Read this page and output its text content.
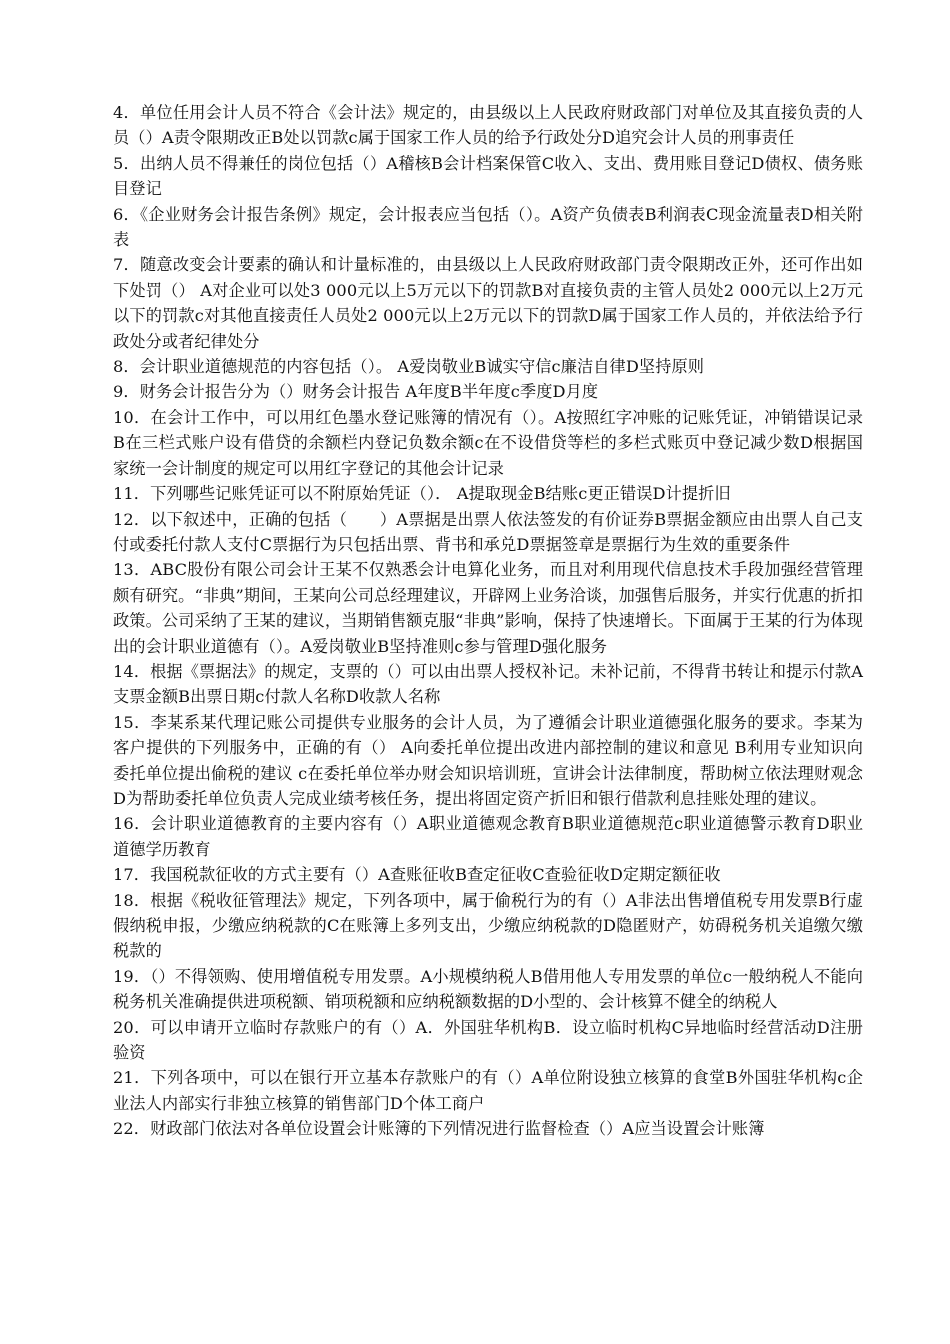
4．单位任用会计人员不符合《会计法》规定的，由县级以上人民政府财政部门对单位及其直接负责的人员（）A责令限期改正B处以罚款c属于国家工作人员的给予行政处分D追究会计人员的刑事责任

5．出纳人员不得兼任的岗位包括（）A稽核B会计档案保管C收入、支出、费用账目登记D债权、债务账目登记

6．《企业财务会计报告条例》规定，会计报表应当包括（）。A资产负债表B利润表C现金流量表D相关附表

7．随意改变会计要素的确认和计量标准的，由县级以上人民政府财政部门责令限期改正外，还可作出如下处罚（） A对企业可以处3 000元以上5万元以下的罚款B对直接负责的主管人员处2 000元以上2万元以下的罚款c对其他直接责任人员处2 000元以上2万元以下的罚款D属于国家工作人员的，并依法给予行政处分或者纪律处分

8．会计职业道德规范的内容包括（）。 A爱岗敬业B诚实守信c廉洁自律D坚持原则

9．财务会计报告分为（）财务会计报告 A年度B半年度c季度D月度

10．在会计工作中，可以用红色墨水登记账簿的情况有（）。A按照红字冲账的记账凭证，冲销错误记录B在三栏式账户设有借贷的余额栏内登记负数余额c在不设借贷等栏的多栏式账页中登记减少数D根据国家统一会计制度的规定可以用红字登记的其他会计记录

11．下列哪些记账凭证可以不附原始凭证（）． A提取现金B结账c更正错误D计提折旧

12．以下叙述中，正确的包括（　　）A票据是出票人依法签发的有价证券B票据金额应由出票人自己支付或委托付款人支付C票据行为只包括出票、背书和承兑D票据签章是票据行为生效的重要条件

13．ABC股份有限公司会计王某不仅熟悉会计电算化业务，而且对利用现代信息技术手段加强经营管理颇有研究。“非典”期间，王某向公司总经理建议，开辟网上业务洽谈，加强售后服务，并实行优惠的折扣政策。公司采纳了王某的建议，当期销售额克服“非典”影响，保持了快速增长。下面属于王某的行为体现出的会计职业道德有（）。A爱岗敬业B坚持准则c参与管理D强化服务

14．根据《票据法》的规定，支票的（）可以由出票人授权补记。未补记前，不得背书转让和提示付款A支票金额B出票日期c付款人名称D收款人名称

15．李某系某代理记账公司提供专业服务的会计人员，为了遵循会计职业道德强化服务的要求。李某为客户提供的下列服务中，正确的有（） A向委托单位提出改进内部控制的建议和意见 B利用专业知识向委托单位提出偷税的建议 c在委托单位举办财会知识培训班，宣讲会计法律制度，帮助树立依法理财观念 D为帮助委托单位负责人完成业绩考核任务，提出将固定资产折旧和银行借款利息挂账处理的建议。

16．会计职业道德教育的主要内容有（）A职业道德观念教育B职业道德规范c职业道德警示教育D职业道德学历教育

17．我国税款征收的方式主要有（）A查账征收B查定征收C查验征收D定期定额征收

18．根据《税收征管理法》规定，下列各项中，属于偷税行为的有（）A非法出售增值税专用发票B行虚假纳税申报，少缴应纳税款的C在账簿上多列支出，少缴应纳税款的D隐匿财产，妨碍税务机关追缴欠缴税款的

19．（）不得领购、使用增值税专用发票。A小规模纳税人B借用他人专用发票的单位c一般纳税人不能向税务机关准确提供进项税额、销项税额和应纳税额数据的D小型的、会计核算不健全的纳税人

20．可以申请开立临时存款账户的有（）A．外国驻华机构B．设立临时机构C异地临时经营活动D注册验资

21．下列各项中，可以在银行开立基本存款账户的有（）A单位附设独立核算的食堂B外国驻华机构c企业法人内部实行非独立核算的销售部门D个体工商户

22．财政部门依法对各单位设置会计账簿的下列情况进行监督检查（）A应当设置会计账簿
